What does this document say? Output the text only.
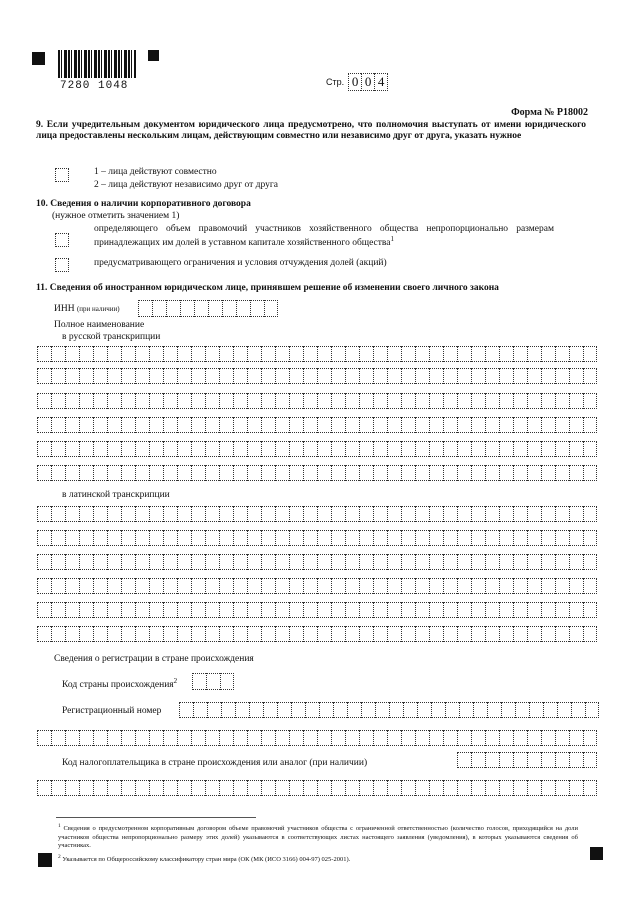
7280 1048	Стр. 0 0 4
Форма № Р18002
9. Если учредительным документом юридического лица предусмотрено, что полномочия выступать от имени юридического лица предоставлены нескольким лицам, действующим совместно или независимо друг от друга, указать нужное
1 – лица действуют совместно
2 – лица действуют независимо друг от друга
10. Сведения о наличии корпоративного договора
(нужное отметить значением 1)
определяющего объем правомочий участников хозяйственного общества непропорционально размерам принадлежащих им долей в уставном капитале хозяйственного общества$^1$
предусматривающего ограничения и условия отчуждения долей (акций)
11. Сведения об иностранном юридическом лице, принявшем решение об изменении своего личного закона
ИНН (при наличии)
Полное наименование
в русской транскрипции
в латинской транскрипции
Сведения о регистрации в стране происхождения
Код страны происхождения$^2$
Регистрационный номер
Код налогоплательщика в стране происхождения или аналог (при наличии)
$^1$ Сведения о предусмотренном корпоративным договором объеме правомочий участников общества с ограниченной ответственностью (количество голосов, приходящийся на доли участников общества непропорционально размеру этих долей) указываются в соответствующих листах настоящего заявления (уведомления), в которых указываются сведения об участниках.
$^2$ Указывается по Общероссийскому классификатору стран мира (ОК (МК (ИСО 3166) 004-97) 025-2001).
